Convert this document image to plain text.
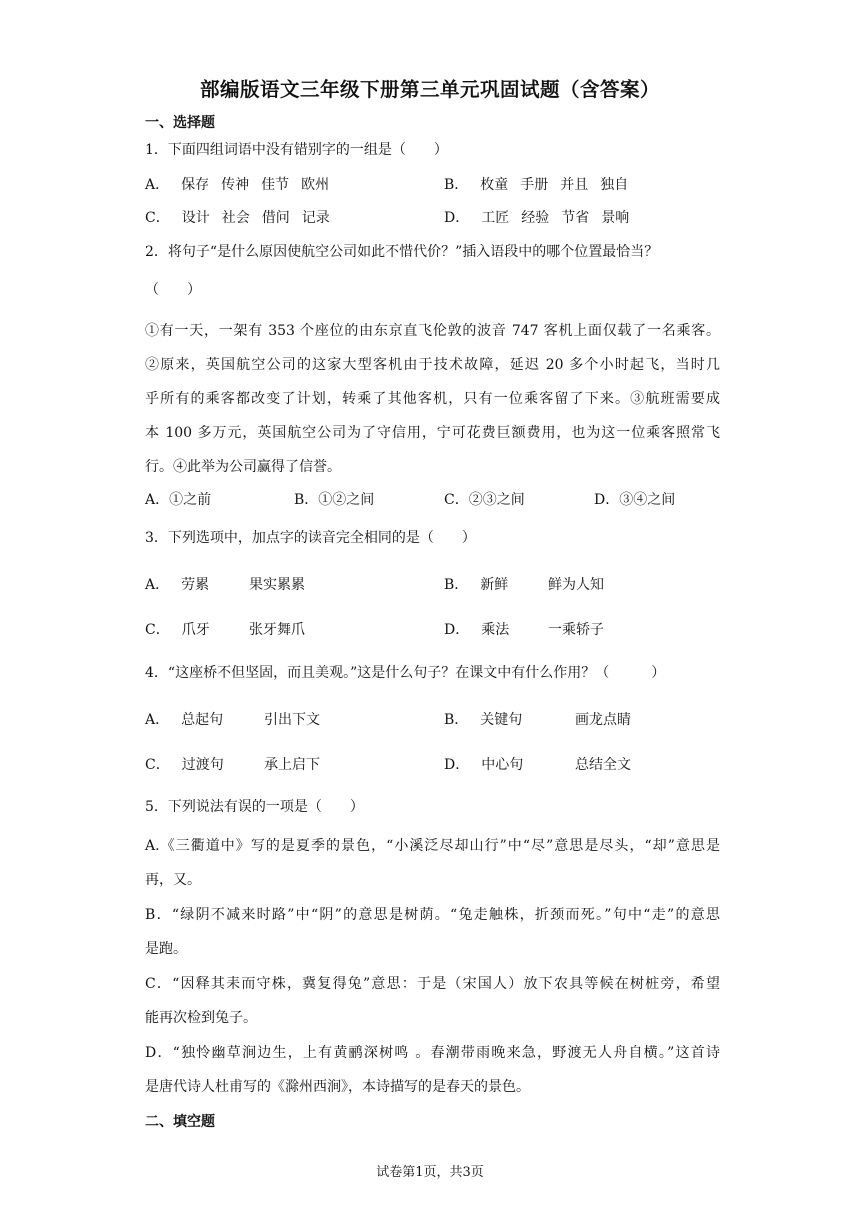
部编版语文三年级下册第三单元巩固试题（含答案）
一、选择题
1．下面四组词语中没有错别字的一组是（　　）
A． 保存 传神 佳节 欧州	B． 枚童 手册 并且 独自
C． 设计 社会 借问 记录	D． 工匠 经验 节省 景响
2．将句子“是什么原因使航空公司如此不惜代价？”插入语段中的哪个位置最恰当？
（　　）
①有一天，一架有 353 个座位的由东京直飞伦敦的波音 747 客机上面仅载了一名乘客。
②原来，英国航空公司的这家大型客机由于技术故障，延迟 20 多个小时起飞，当时几
乎所有的乘客都改变了计划，转乘了其他客机，只有一位乘客留了下来。③航班需要成
本 100 多万元，英国航空公司为了守信用，宁可花费巨额费用，也为这一位乘客照常飞
行。④此举为公司赢得了信誉。
A．①之前	B．①②之间	C．②③之间	D．③④之间
3．下列选项中，加点字的读音完全相同的是（　　）
A． 劳累	果实累累	B． 新鲜	鲜为人知
C． 爪牙	张牙舞爪	D． 乘法	一乘轿子
4．“这座桥不但坚固，而且美观。”这是什么句子？在课文中有什么作用？（　　　）
A． 总起句	引出下文	B． 关键句	画龙点睛
C． 过渡句	承上启下	D． 中心句	总结全文
5．下列说法有误的一项是（　　）
A.《三衢道中》写的是夏季的景色，“小溪泛尽却山行”中“尽”意思是尽头，“却”意思是
再，又。
B．“绿阴不减来时路”中“阴”的意思是树荫。“兔走触株，折颈而死。”句中“走”的意思
是跑。
C．“因释其耒而守株，冀复得兔”意思：于是（宋国人）放下农具等候在树桩旁，希望
能再次检到兔子。
D．“独怜幽草涧边生，上有黄鹂深树鸣 。春潮带雨晚来急，野渡无人舟自横。”这首诗
是唐代诗人杜甫写的《滁州西涧》，本诗描写的是春天的景色。
二、填空题
试卷第1页，共3页
